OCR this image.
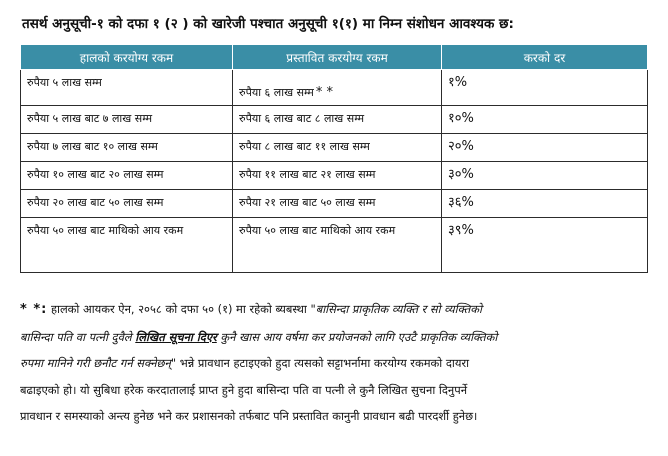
तसर्थ अनुसूची-१ को दफा १ (२ ) को खारेजी पश्चात अनुसूची १(१) मा निम्न संशोधन आवश्यक छ:
हालको करयोग्य रकम	प्रस्तावित करयोग्य रकम	करको दर
रुपैया ५ लाख सम्म	रुपैया ६ लाख सम्म * *	१%
रुपैया ५ लाख बाट ७ लाख सम्म	रुपैया ६ लाख बाट ८ लाख सम्म	१०%
रुपैया ७ लाख बाट १० लाख सम्म	रुपैया ८ लाख बाट ११ लाख सम्म	२०%
रुपैया १० लाख बाट २० लाख सम्म	रुपैया ११ लाख बाट २१ लाख सम्म	३०%
रुपैया २० लाख बाट ५० लाख सम्म	रुपैया २१ लाख बाट ५० लाख सम्म	३६%
रुपैया ५० लाख बाट माथिको आय रकम	रुपैया ५० लाख बाट माथिको आय रकम	३९%
* *: हालको आयकर ऐन, २०५८ को दफा ५० (१) मा रहेको ब्यबस्था "बासिन्दा प्राकृतिक व्यक्ति र सो व्यक्तिको
बासिन्दा पति वा पत्नी दुवैले लिखित सूचना दिएर कुनै खास आय वर्षमा कर प्रयोजनको लागि एउटै प्राकृतिक व्यक्तिको
रुपमा मानिने गरी छनौट गर्न सक्नेछन्" भन्ने प्रावधान हटाइएको हुदा त्यसको सट्टाभर्नामा करयोग्य रकमको दायरा
बढाइएको हो। यो सुबिधा हरेक करदातालाई प्राप्त हुने हुदा बासिन्दा पति वा पत्नी ले कुनै लिखित सुचना दिनुपर्ने
प्रावधान र समस्याको अन्त्य हुनेछ भने कर प्रशासनको तर्फबाट पनि प्रस्तावित कानुनी प्रावधान बढी पारदर्शी हुनेछ।
